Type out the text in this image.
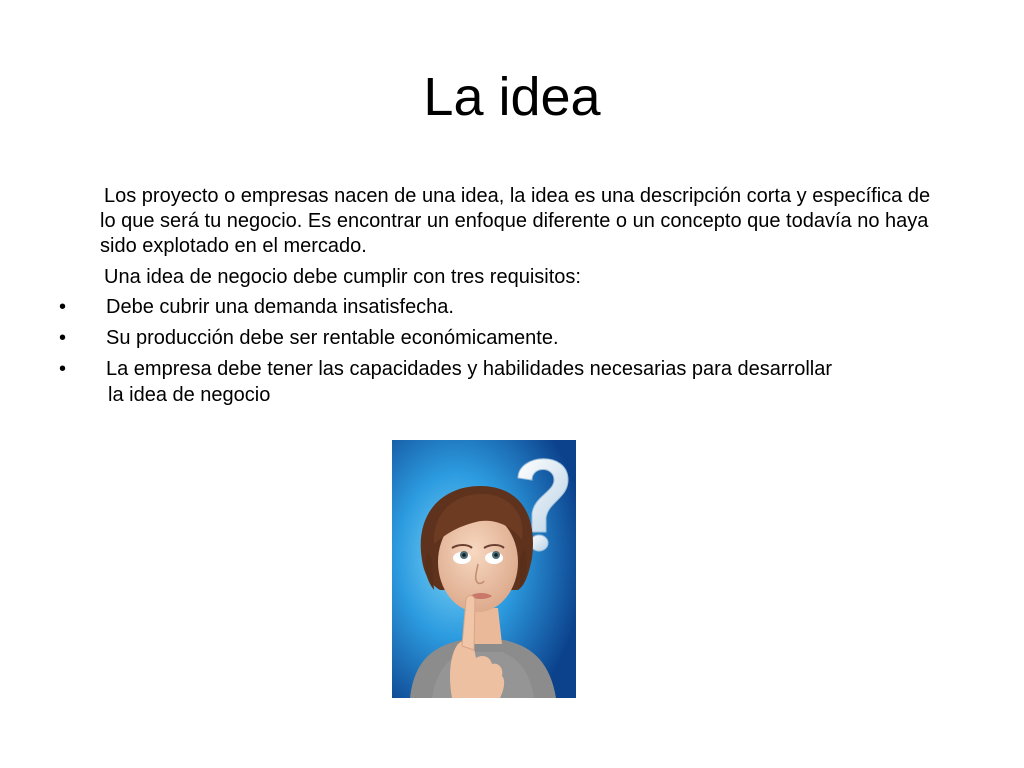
La idea

Los proyecto o empresas nacen de una idea, la idea es una descripción corta y específica de lo que será tu negocio. Es encontrar un enfoque diferente o un concepto que todavía no haya sido explotado en el mercado.

Una idea de negocio debe cumplir con tres requisitos:

• Debe cubrir una demanda insatisfecha.
• Su producción debe ser rentable económicamente.
• La empresa debe tener las capacidades y habilidades necesarias para desarrollar
la idea de negocio
